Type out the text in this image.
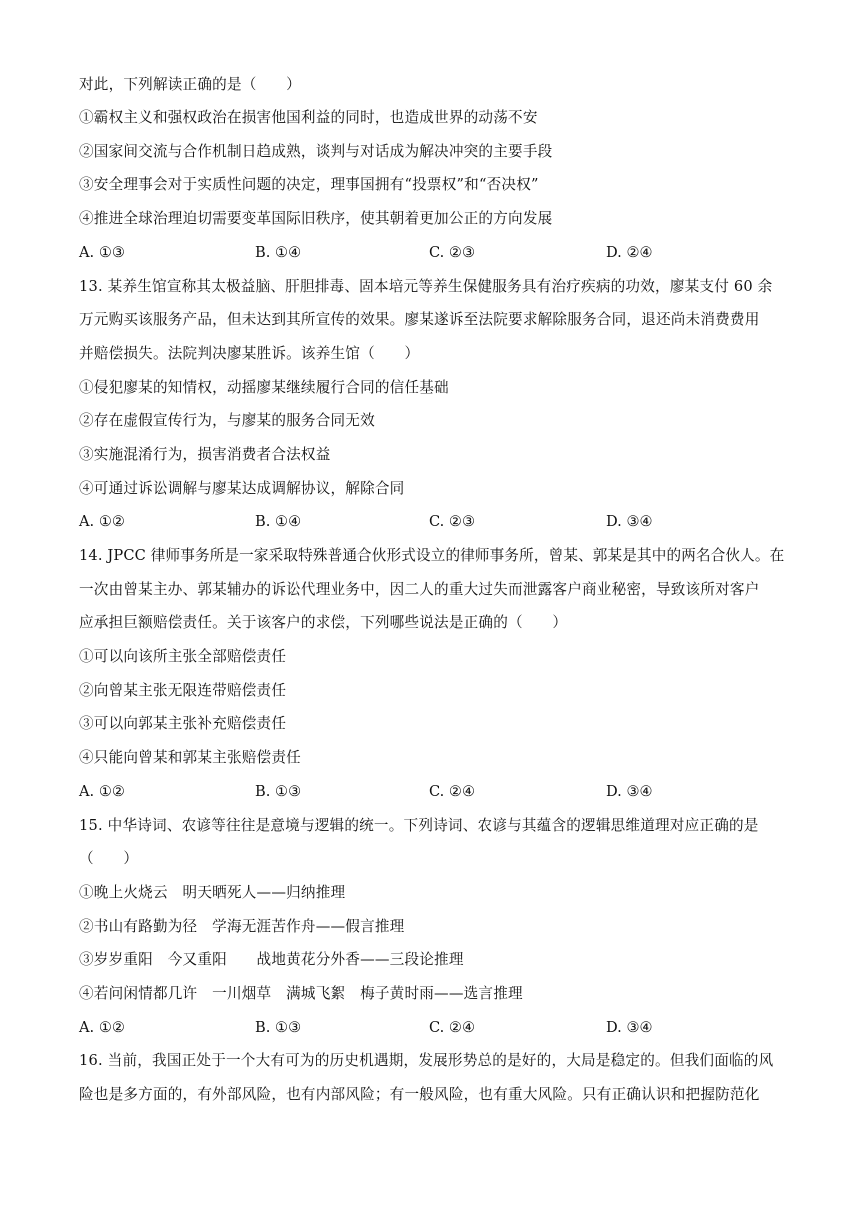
对此，下列解读正确的是（　　）
①霸权主义和强权政治在损害他国利益的同时，也造成世界的动荡不安
②国家间交流与合作机制日趋成熟，谈判与对话成为解决冲突的主要手段
③安全理事会对于实质性问题的决定，理事国拥有“投票权”和“否决权”
④推进全球治理迫切需要变革国际旧秩序，使其朝着更加公正的方向发展
A. ①③	B. ①④	C. ②③	D. ②④
13. 某养生馆宣称其太极益脑、肝胆排毒、固本培元等养生保健服务具有治疗疾病的功效，廖某支付 60 余
万元购买该服务产品，但未达到其所宣传的效果。廖某遂诉至法院要求解除服务合同，退还尚未消费费用
并赔偿损失。法院判决廖某胜诉。该养生馆（　　）
①侵犯廖某的知情权，动摇廖某继续履行合同的信任基础
②存在虚假宣传行为，与廖某的服务合同无效
③实施混淆行为，损害消费者合法权益
④可通过诉讼调解与廖某达成调解协议，解除合同
A. ①②	B. ①④	C. ②③	D. ③④
14. JPCC 律师事务所是一家采取特殊普通合伙形式设立的律师事务所，曾某、郭某是其中的两名合伙人。在
一次由曾某主办、郭某辅办的诉讼代理业务中，因二人的重大过失而泄露客户商业秘密，导致该所对客户
应承担巨额赔偿责任。关于该客户的求偿，下列哪些说法是正确的（　　）
①可以向该所主张全部赔偿责任
②向曾某主张无限连带赔偿责任
③可以向郭某主张补充赔偿责任
④只能向曾某和郭某主张赔偿责任
A. ①②	B. ①③	C. ②④	D. ③④
15. 中华诗词、农谚等往往是意境与逻辑的统一。下列诗词、农谚与其蕴含的逻辑思维道理对应正确的是
（　　）
①晚上火烧云　明天晒死人——归纳推理
②书山有路勤为径　学海无涯苦作舟——假言推理
③岁岁重阳　今又重阳　　战地黄花分外香——三段论推理
④若问闲情都几许　一川烟草　满城飞絮　梅子黄时雨——选言推理
A. ①②	B. ①③	C. ②④	D. ③④
16. 当前，我国正处于一个大有可为的历史机遇期，发展形势总的是好的，大局是稳定的。但我们面临的风
险也是多方面的，有外部风险，也有内部风险；有一般风险，也有重大风险。只有正确认识和把握防范化
